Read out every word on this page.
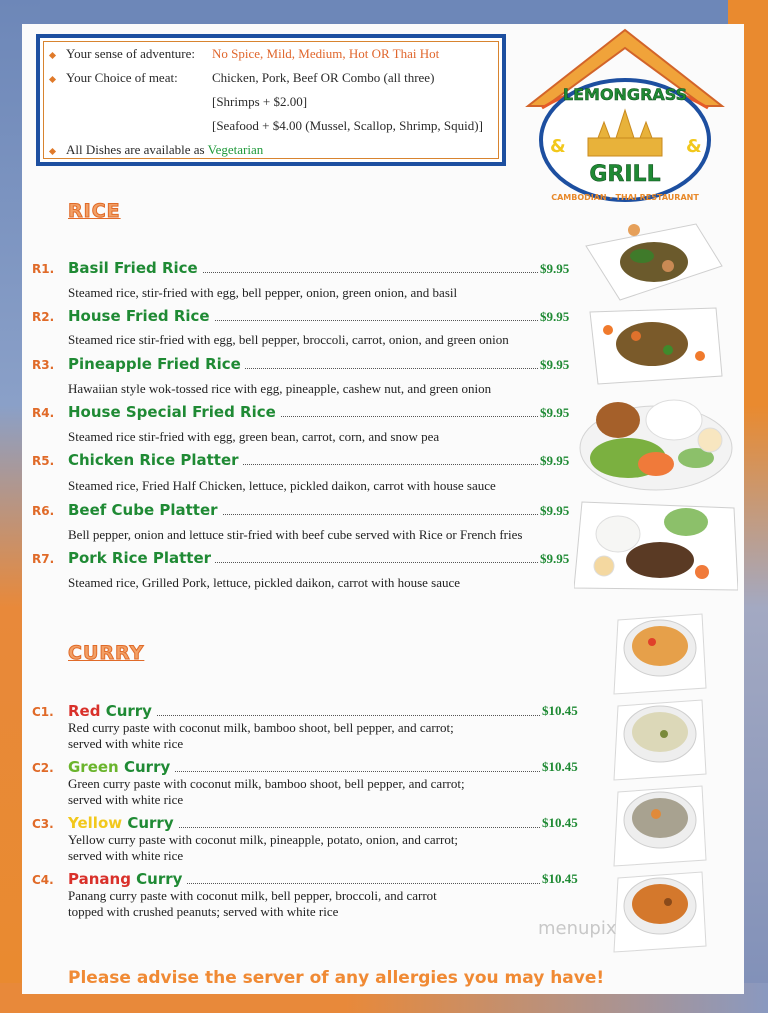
Your sense of adventure: No Spice, Mild, Medium, Hot OR Thai Hot
Your Choice of meat:	Chicken, Pork, Beef OR Combo (all three)
[Shrimps + $2.00]
[Seafood + $4.00 (Mussel, Scallop, Shrimp, Squid)]
All Dishes are available as Vegetarian
LEMONGRASS
&	&
GRILL
CAMBODIAN - THAI RESTAURANT
RICE
R1. Basil Fried Rice	$9.95
Steamed rice, stir-fried with egg, bell pepper, onion, green onion, and basil
R2. House Fried Rice	$9.95
Steamed rice stir-fried with egg, bell pepper, broccoli, carrot, onion, and green onion
R3. Pineapple Fried Rice	$9.95
Hawaiian style wok-tossed rice with egg, pineapple, cashew nut, and green onion
R4. House Special Fried Rice	$9.95
Steamed rice stir-fried with egg, green bean, carrot, corn, and snow pea
R5. Chicken Rice Platter	$9.95
Steamed rice, Fried Half Chicken, lettuce, pickled daikon, carrot with house sauce
R6. Beef Cube Platter	$9.95
Bell pepper, onion and lettuce stir-fried with beef cube served with Rice or French fries
R7. Pork Rice Platter	$9.95
Steamed rice, Grilled Pork, lettuce, pickled daikon, carrot with house sauce
CURRY
C1. Red Curry	$10.45
Red curry paste with coconut milk, bamboo shoot, bell pepper, and carrot;
served with white rice
C2. Green Curry	$10.45
Green curry paste with coconut milk, bamboo shoot, bell pepper, and carrot;
served with white rice
C3. Yellow Curry	$10.45
Yellow curry paste with coconut milk, pineapple, potato, onion, and carrot;
served with white rice
C4. Panang Curry	$10.45
Panang curry paste with coconut milk, bell pepper, broccoli, and carrot
topped with crushed peanuts; served with white rice
menupix
Please advise the server of any allergies you may have!
